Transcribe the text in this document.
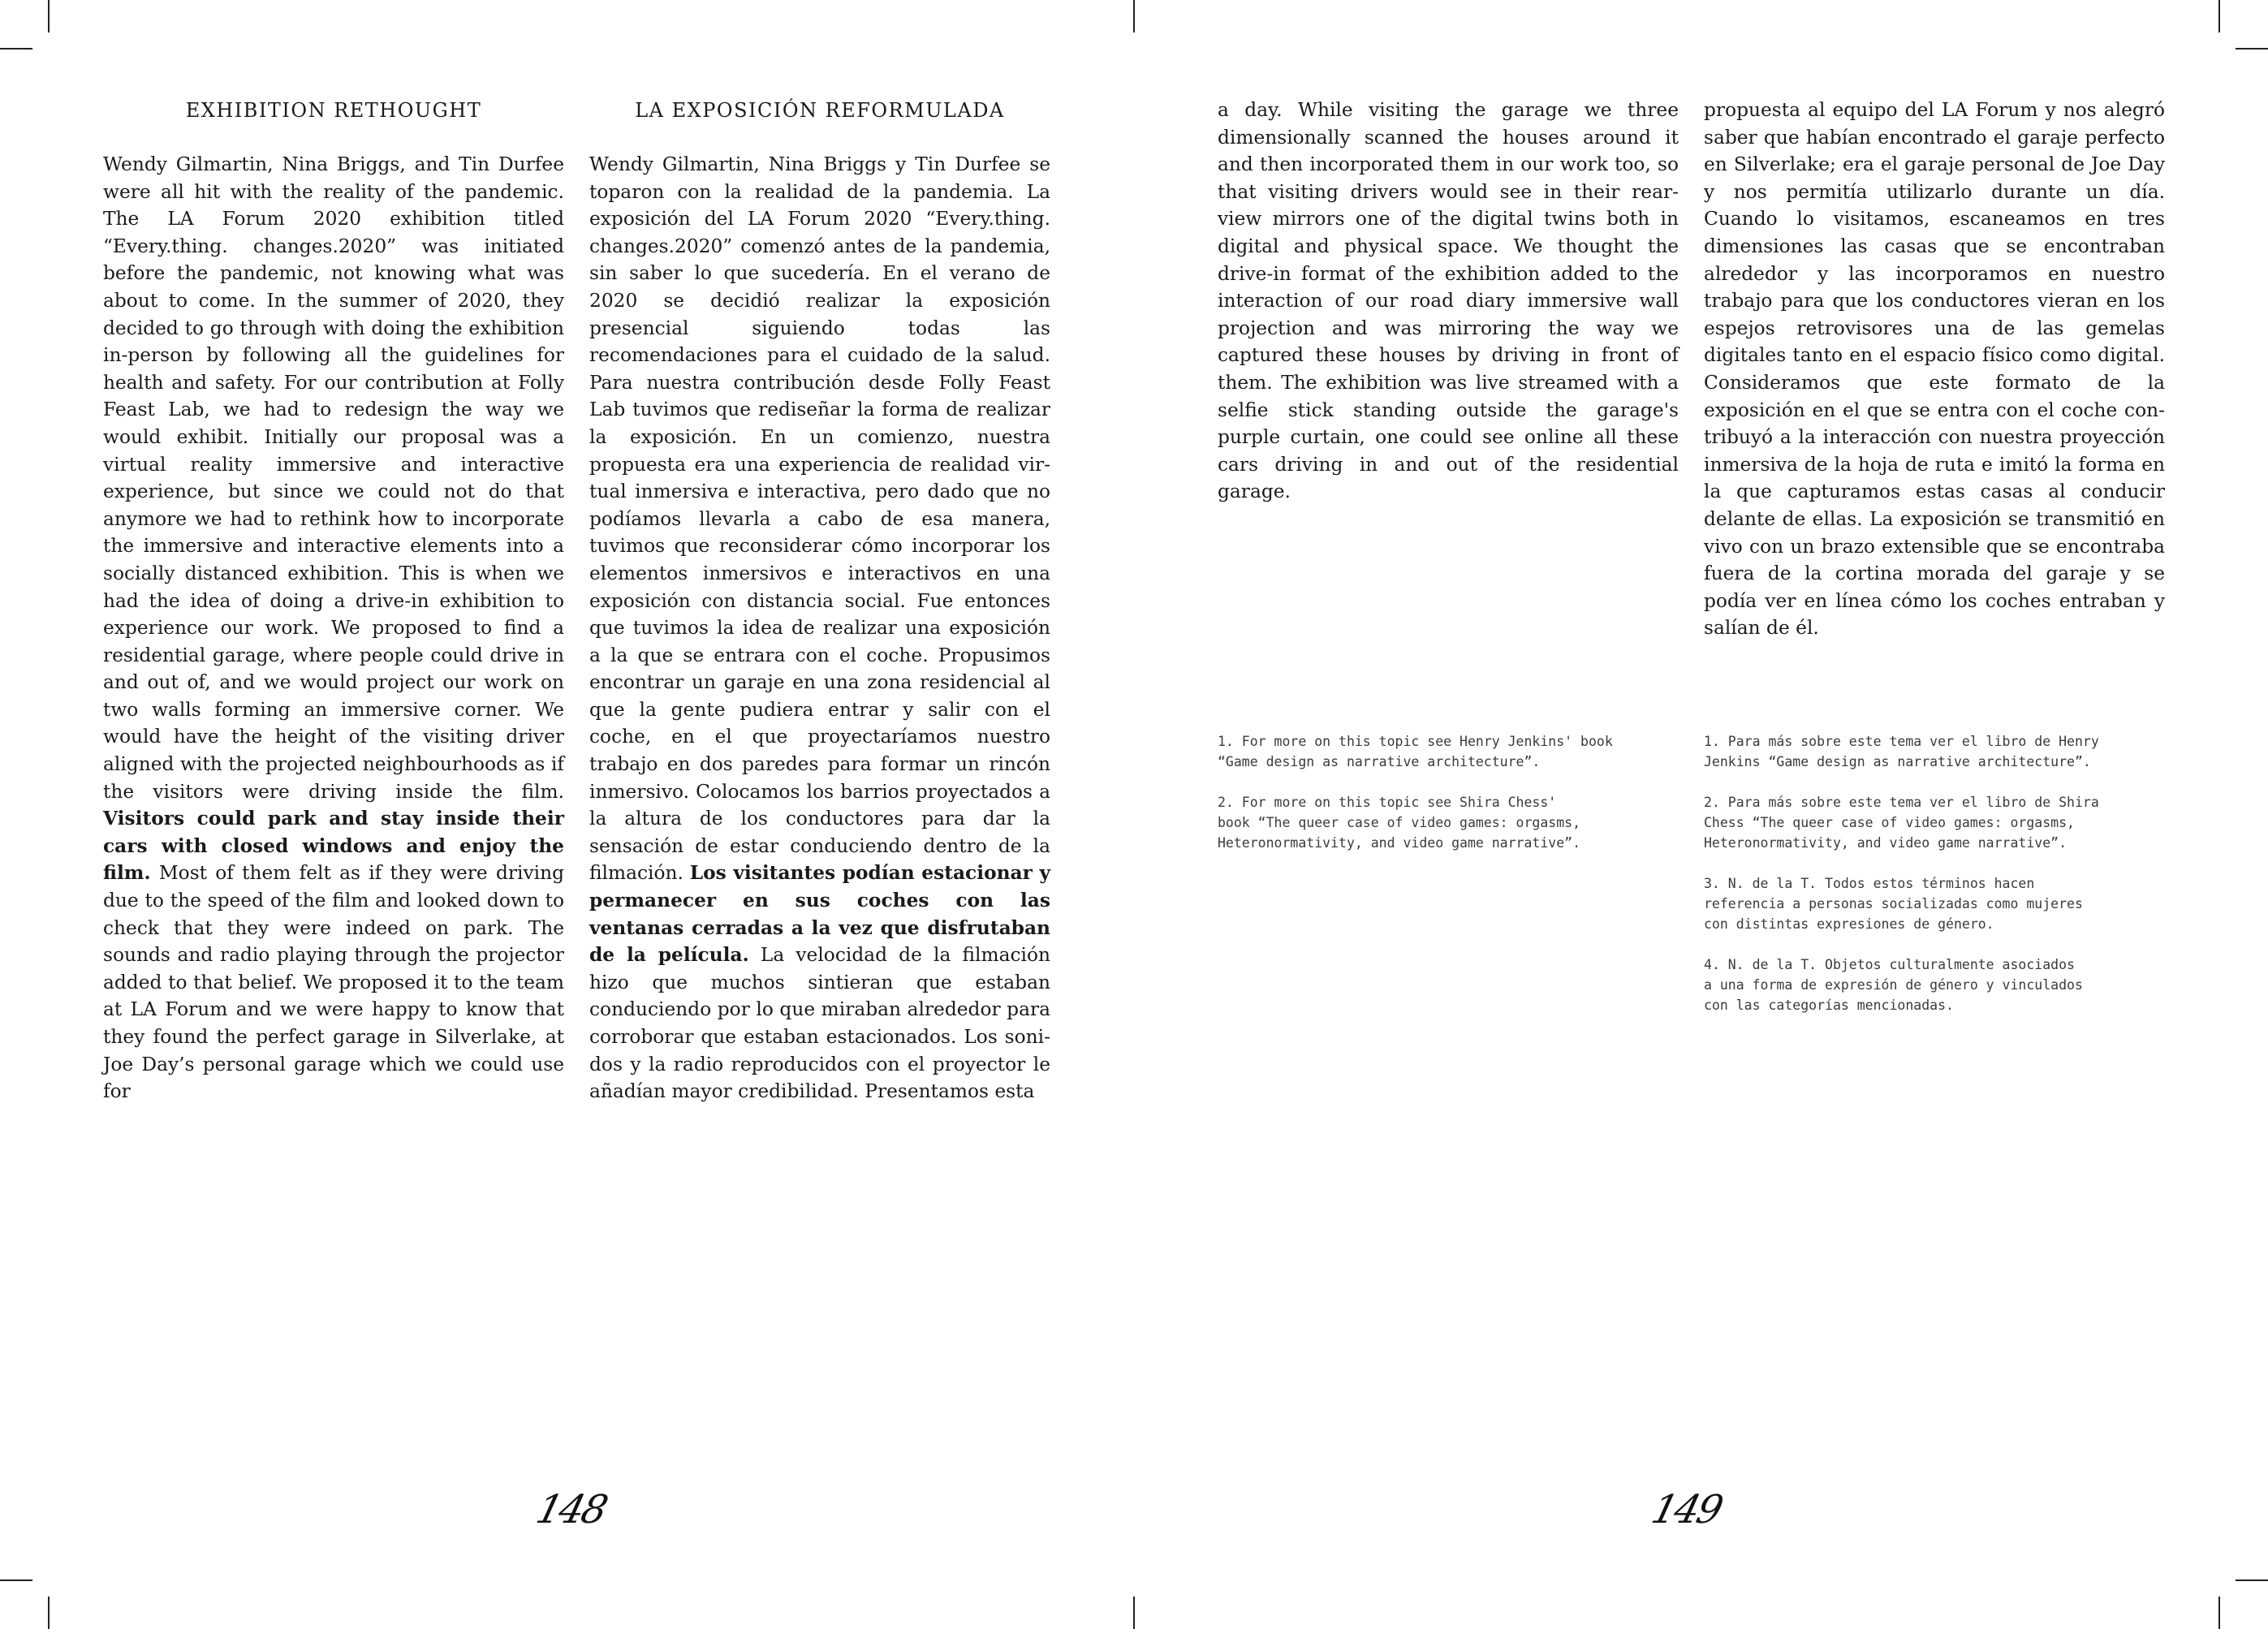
EXHIBITION RETHOUGHT	LA EXPOSICIÓN REFORMULADA

Wendy Gilmartin, Nina Briggs, and Tin Durfee were all hit with the reality of the pandemic. The LA Forum 2020 exhibition titled “Every.thing. changes.2020” was initiated before the pandemic, not knowing what was about to come. In the summer of 2020, they decided to go through with doing the exhibition in-person by following all the guidelines for health and safety. For our contribution at Folly Feast Lab, we had to redesign the way we would exhibit. Initially our proposal was a virtual reality immersive and interactive experience, but since we could not do that anymore we had to rethink how to incorporate the immersive and interactive elements into a socially distanced exhibition. This is when we had the idea of doing a drive-in exhibition to experience our work. We proposed to find a residential garage, where people could drive in and out of, and we would project our work on two walls forming an immersive corner. We would have the height of the visiting driver aligned with the projected neighbourhoods as if the visitors were driving inside the film. Visitors could park and stay inside their cars with closed windows and enjoy the film. Most of them felt as if they were driving due to the speed of the film and looked down to check that they were indeed on park. The sounds and radio playing through the projector added to that belief. We proposed it to the team at LA Forum and we were happy to know that they found the perfect garage in Silverlake, at Joe Day’s personal garage which we could use for

Wendy Gilmartin, Nina Briggs y Tin Durfee se toparon con la realidad de la pandemia. La exposición del LA Forum 2020 “Every.thing. changes.2020” comenzó antes de la pandemia, sin saber lo que sucedería. En el verano de 2020 se decidió realizar la exposición presencial siguiendo todas las recomendaciones para el cuidado de la salud. Para nuestra contribución desde Folly Feast Lab tuvimos que rediseñar la forma de realizar la exposición. En un comienzo, nuestra propuesta era una experiencia de realidad virtual inmersiva e interactiva, pero dado que no podíamos llevarla a cabo de esa manera, tuvimos que reconsiderar cómo incorporar los elementos inmersivos e interactivos en una exposición con distancia social. Fue entonces que tuvimos la idea de realizar una exposición a la que se entrara con el coche. Propusimos encontrar un garaje en una zona residencial al que la gente pudiera entrar y salir con el coche, en el que proyectaríamos nuestro trabajo en dos paredes para formar un rincón inmersivo. Colocamos los barrios proyectados a la altura de los conductores para dar la sensación de estar conduciendo dentro de la filmación. Los visitantes podían estacionar y permanecer en sus coches con las ventanas cerradas a la vez que disfrutaban de la película. La velocidad de la filmación hizo que muchos sintieran que estaban conduciendo por lo que miraban alrededor para corroborar que estaban estacionados. Los sonidos y la radio reproducidos con el proyector le añadían mayor credibilidad. Presentamos esta

148

a day. While visiting the garage we three dimensionally scanned the houses around it and then incorporated them in our work too, so that visiting drivers would see in their rear-view mirrors one of the digital twins both in digital and physical space. We thought the drive-in format of the exhibition added to the interaction of our road diary immersive wall projection and was mirroring the way we captured these houses by driving in front of them. The exhibition was live streamed with a selfie stick standing outside the garage's purple curtain, one could see online all these cars driving in and out of the residential garage.

propuesta al equipo del LA Forum y nos alegró saber que habían encontrado el garaje perfecto en Silverlake; era el garaje personal de Joe Day y nos permitía utilizarlo durante un día. Cuando lo visitamos, escaneamos en tres dimensiones las casas que se encontraban alrededor y las incorporamos en nuestro trabajo para que los conductores vieran en los espejos retrovisores una de las gemelas digitales tanto en el espacio físico como digital. Consideramos que este formato de la exposición en el que se entra con el coche contribuyó a la interacción con nuestra proyección inmersiva de la hoja de ruta e imitó la forma en la que capturamos estas casas al conducir delante de ellas. La exposición se transmitió en vivo con un brazo extensible que se encontraba fuera de la cortina morada del garaje y se podía ver en línea cómo los coches entraban y salían de él.

1. For more on this topic see Henry Jenkins' book
“Game design as narrative architecture”.

2. For more on this topic see Shira Chess'
book “The queer case of video games: orgasms,
Heteronormativity, and video game narrative”.

1. Para más sobre este tema ver el libro de Henry
Jenkins “Game design as narrative architecture”.

2. Para más sobre este tema ver el libro de Shira
Chess “The queer case of video games: orgasms,
Heteronormativity, and video game narrative”.

3. N. de la T. Todos estos términos hacen
referencia a personas socializadas como mujeres
con distintas expresiones de género.

4. N. de la T. Objetos culturalmente asociados
a una forma de expresión de género y vinculados
con las categorías mencionadas.

149
